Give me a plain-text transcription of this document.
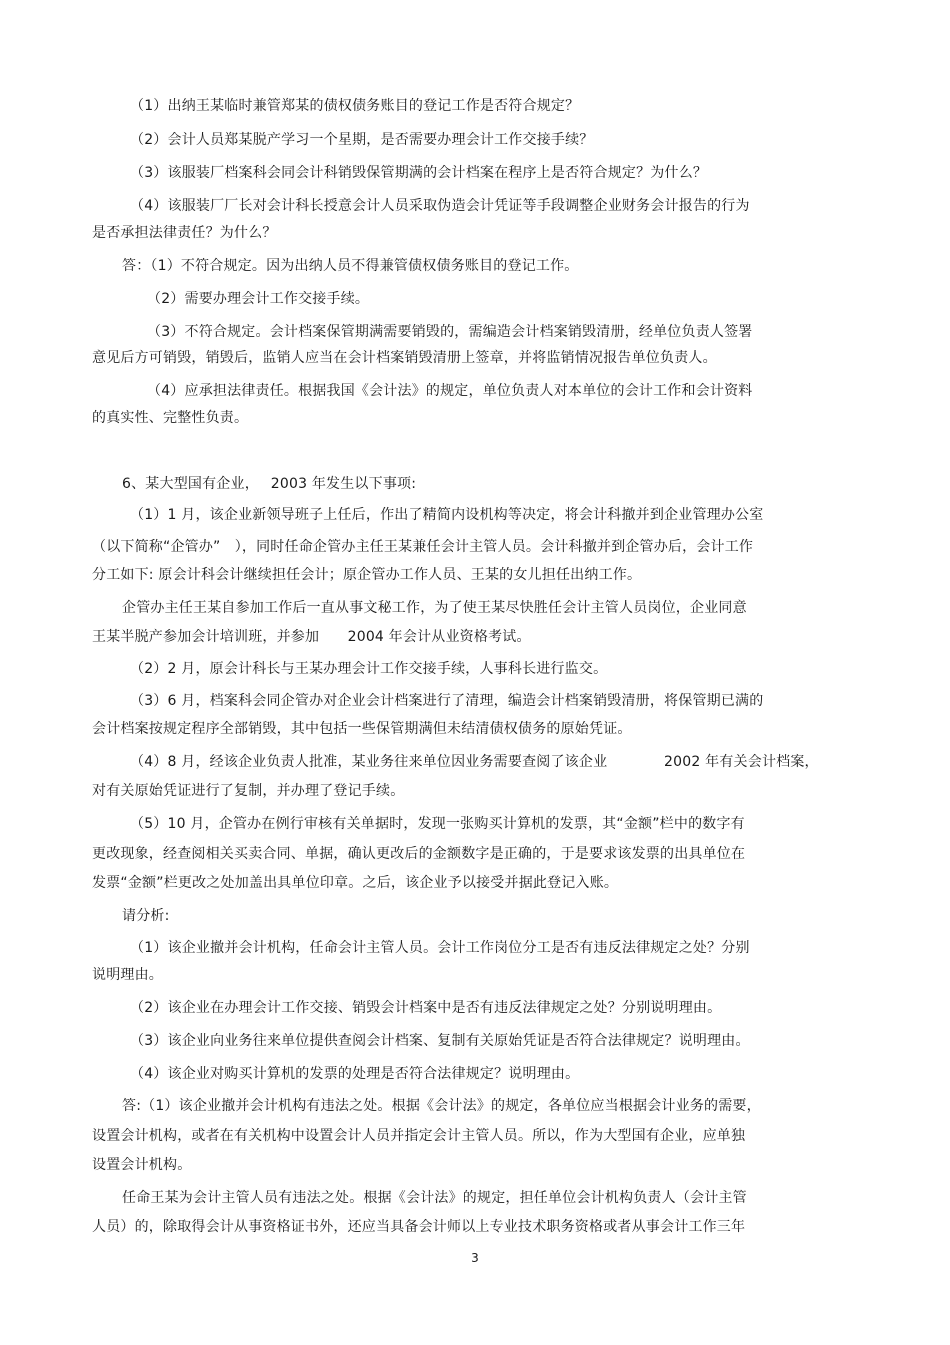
（1）出纳王某临时兼管郑某的债权债务账目的登记工作是否符合规定？
（2）会计人员郑某脱产学习一个星期，是否需要办理会计工作交接手续？
（3）该服装厂档案科会同会计科销毁保管期满的会计档案在程序上是否符合规定？为什么？
（4）该服装厂厂长对会计科长授意会计人员采取伪造会计凭证等手段调整企业财务会计报告的行为
是否承担法律责任？为什么？
答：（1）不符合规定。因为出纳人员不得兼管债权债务账目的登记工作。
（2）需要办理会计工作交接手续。
（3）不符合规定。会计档案保管期满需要销毁的，需编造会计档案销毁清册，经单位负责人签署
意见后方可销毁，销毁后，监销人应当在会计档案销毁清册上签章，并将监销情况报告单位负责人。
（4）应承担法律责任。根据我国《会计法》的规定，单位负责人对本单位的会计工作和会计资料
的真实性、完整性负责。
6、某大型国有企业，　 2003 年发生以下事项:
（1）1 月，该企业新领导班子上任后，作出了精简内设机构等决定，将会计科撤并到企业管理办公室
（以下简称“企管办”　），同时任命企管办主任王某兼任会计主管人员。会计科撤并到企管办后，会计工作
分工如下: 原会计科会计继续担任会计；原企管办工作人员、王某的女儿担任出纳工作。
企管办主任王某自参加工作后一直从事文秘工作，为了使王某尽快胜任会计主管人员岗位，企业同意
王某半脱产参加会计培训班，并参加　　2004 年会计从业资格考试。
（2）2 月，原会计科长与王某办理会计工作交接手续，人事科长进行监交。
（3）6 月，档案科会同企管办对企业会计档案进行了清理，编造会计档案销毁清册，将保管期已满的
会计档案按规定程序全部销毁，其中包括一些保管期满但未结清债权债务的原始凭证。
（4）8 月，经该企业负责人批准，某业务往来单位因业务需要查阅了该企业　　　　2002 年有关会计档案，
对有关原始凭证进行了复制，并办理了登记手续。
（5）10 月，企管办在例行审核有关单据时，发现一张购买计算机的发票，其“金额”栏中的数字有
更改现象，经查阅相关买卖合同、单据，确认更改后的金额数字是正确的，于是要求该发票的出具单位在
发票“金额”栏更改之处加盖出具单位印章。之后，该企业予以接受并据此登记入账。
请分析:
（1）该企业撤并会计机构，任命会计主管人员。会计工作岗位分工是否有违反法律规定之处？分别
说明理由。
（2）该企业在办理会计工作交接、销毁会计档案中是否有违反法律规定之处？分别说明理由。
（3）该企业向业务往来单位提供查阅会计档案、复制有关原始凭证是否符合法律规定？说明理由。
（4）该企业对购买计算机的发票的处理是否符合法律规定？说明理由。
答:（1）该企业撤并会计机构有违法之处。根据《会计法》的规定，各单位应当根据会计业务的需要，
设置会计机构，或者在有关机构中设置会计人员并指定会计主管人员。所以，作为大型国有企业，应单独
设置会计机构。
任命王某为会计主管人员有违法之处。根据《会计法》的规定，担任单位会计机构负责人（会计主管
人员）的，除取得会计从事资格证书外，还应当具备会计师以上专业技术职务资格或者从事会计工作三年
3
